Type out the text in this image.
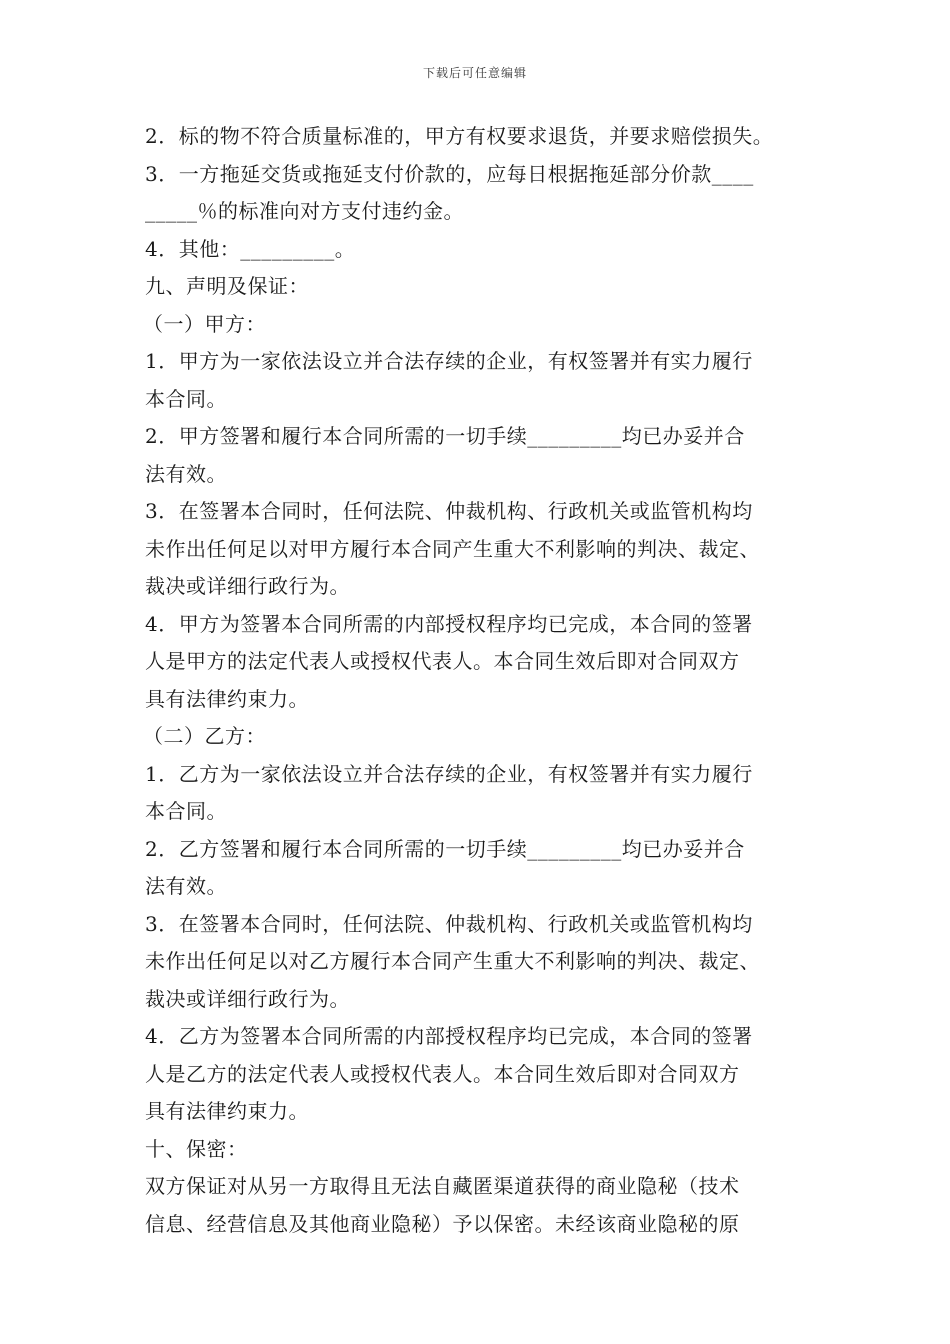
下载后可任意编辑
2．标的物不符合质量标准的，甲方有权要求退货，并要求赔偿损失。
3．一方拖延交货或拖延支付价款的，应每日根据拖延部分价款____
_____％的标准向对方支付违约金。
4．其他：_________。
九、声明及保证：
（一）甲方：
1．甲方为一家依法设立并合法存续的企业，有权签署并有实力履行
本合同。
2．甲方签署和履行本合同所需的一切手续_________均已办妥并合
法有效。
3．在签署本合同时，任何法院、仲裁机构、行政机关或监管机构均
未作出任何足以对甲方履行本合同产生重大不利影响的判决、裁定、
裁决或详细行政行为。
4．甲方为签署本合同所需的内部授权程序均已完成，本合同的签署
人是甲方的法定代表人或授权代表人。本合同生效后即对合同双方
具有法律约束力。
（二）乙方：
1．乙方为一家依法设立并合法存续的企业，有权签署并有实力履行
本合同。
2．乙方签署和履行本合同所需的一切手续_________均已办妥并合
法有效。
3．在签署本合同时，任何法院、仲裁机构、行政机关或监管机构均
未作出任何足以对乙方履行本合同产生重大不利影响的判决、裁定、
裁决或详细行政行为。
4．乙方为签署本合同所需的内部授权程序均已完成，本合同的签署
人是乙方的法定代表人或授权代表人。本合同生效后即对合同双方
具有法律约束力。
十、保密：
双方保证对从另一方取得且无法自藏匿渠道获得的商业隐秘（技术
信息、经营信息及其他商业隐秘）予以保密。未经该商业隐秘的原
